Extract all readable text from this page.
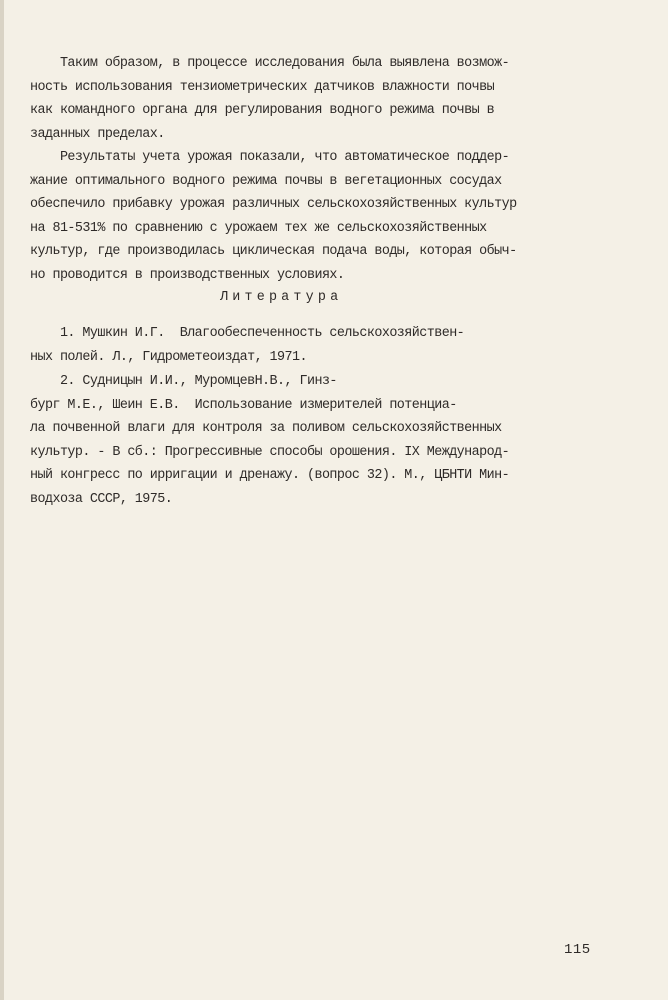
Таким образом, в процессе исследования была выявлена возмож-
ность использования тензиометрических датчиков влажности почвы
как командного органа для регулирования водного режима почвы в
заданных пределах.
Результаты учета урожая показали, что автоматическое поддер-
жание оптимального водного режима почвы в вегетационных сосудах
обеспечило прибавку урожая различных сельскохозяйственных культур
на 81-531% по сравнению с урожаем тех же сельскохозяйственных
культур, где производилась циклическая подача воды, которая обыч-
но проводится в производственных условиях.
Литература
1. Мушкин И.Г.  Влагообеспеченность сельскохозяйствен-
ных полей. Л., Гидрометеоиздат, 1971.
2. Судницын И.И., МуромцевН.В., Гинз-
бург М.Е., Шеин Е.В.  Использование измерителей потенциа-
ла почвенной влаги для контроля за поливом сельскохозяйственных
культур. - В сб.: Прогрессивные способы орошения. IX Международ-
ный конгресс по ирригации и дренажу. (вопрос 32). М., ЦБНТИ Мин-
водхоза СССР, 1975.
115
